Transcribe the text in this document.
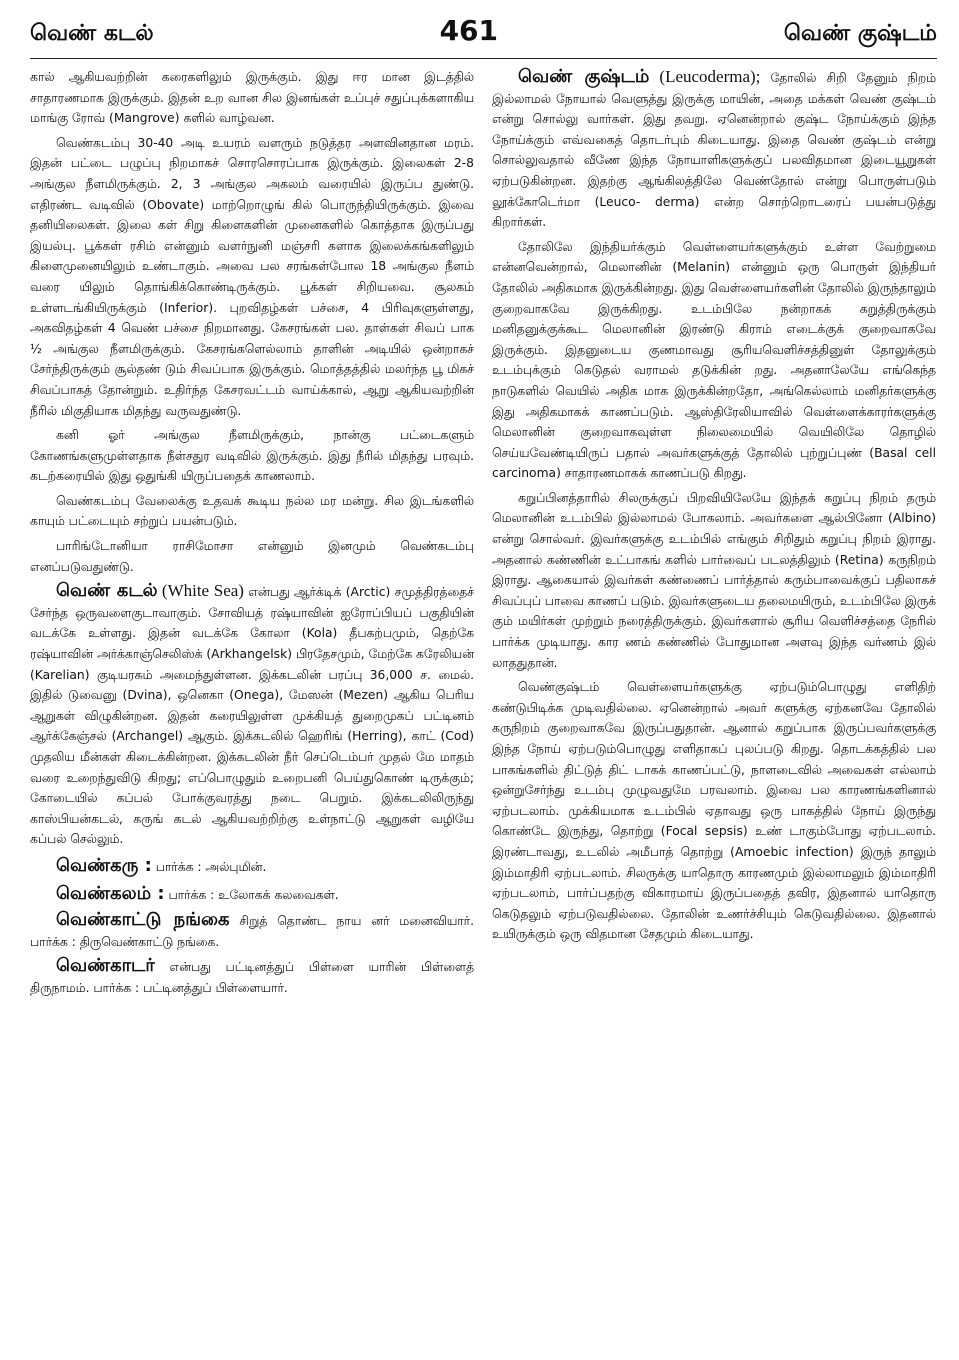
வெண் கடல்	461	வெண் குஷ்டம்

கால் ஆகியவற்றின் கரைகளிலும் இருக்கும். இது ஈர மான இடத்தில் சாதாரணமாக இருக்கும். இதன் உற வான சில இனங்கள் உப்புச் சதுப்புக்களாகிய மாங்கு ரோவ் (Mangrove) களில் வாழ்வன.

வெண்கடம்பு 30-40 அடி உயரம் வளரும் நடுத்தர அளவினதான மரம். இதன் பட்டை பழுப்பு நிறமாகச் சொரசொரப்பாக இருக்கும். இலைகள் 2-8 அங்குல நீளமிருக்கும். 2, 3 அங்குல அகலம் வரையில் இருப்ப துண்டு. எதிரண்ட வடிவில் (Obovate) மாற்றொழுங் கில் பொருந்தியிருக்கும். இவை தனியிலைகள். இலை கள் சிறு கிளைகளின் முனைகளில் கொத்தாக இருப்பது இயல்பு. பூக்கள் ரசிம் என்னும் வளர்நுனி மஞ்சரி களாக இலைக்கங்களிலும் கிளைமுனையிலும் உண்டாகும். அவை பல சரங்கள்போல 18 அங்குல நீளம் வரை யிலும் தொங்கிக்கொண்டிருக்கும். பூக்கள் சிறியவை. சூலகம் உள்ளடங்கியிருக்கும் (Inferior). புறவிதழ்கள் பச்சை, 4 பிரிவுகளுள்ளது, அகவிதழ்கள் 4 வெண் பச்சை நிறமானது. கேசரங்கள் பல. தாள்கள் சிவப் பாக ½ அங்குல நீளமிருக்கும். கேசரங்களெல்லாம் தாளின் அடியில் ஒன்றாகச் சேர்ந்திருக்கும் சூல்தண் டும் சிவப்பாக இருக்கும். மொத்தத்தில் மலர்ந்த பூ மிகச் சிவப்பாகத் தோன்றும். உதிர்ந்த கேசரவட்டம் வாய்க்கால், ஆறு ஆகியவற்றின் நீரில் மிகுதியாக மிதந்து வருவதுண்டு.

கனி ஓர் அங்குல நீளமிருக்கும், நான்கு பட்டைகளும் கோணங்களுமுள்ளதாக நீள்சதுர வடிவில் இருக்கும். இது நீரில் மிதந்து பரவும். கடற்கரையில் இது ஒதுங்கி யிருப்பதைக் காணலாம்.

வெண்கடம்பு வேலைக்கு உதவக் கூடிய நல்ல மர மன்று. சில இடங்களில் காயும் பட்டையும் சற்றுப் பயன்படும்.

பாரிங்டோனியா ராசிமோசா என்னும் இனமும் வெண்கடம்பு எனப்படுவதுண்டு.

வெண் கடல் (White Sea) என்பது ஆர்க்டிக் (Arctic) சமுத்திரத்தைச் சேர்ந்த ஒருவளைகுடாவாகும். சோவியத் ரஷ்யாவின் ஐரோப்பியப் பகுதியின் வடக்கே உள்ளது. இதன் வடக்கே கோலா (Kola) தீபகற்பமும், தெற்கே ரஷ்யாவின் அர்க்காஞ்செலிஸ்க் (Arkhangelsk) பிரதேசமும், மேற்கே கரேலியன் (Karelian) குடியரசும் அமைந்துள்ளன. இக்கடலின் பரப்பு 36,000 ச. மைல். இதில் டுவைனு (Dvina), ஒனெகா (Onega), மேஸன் (Mezen) ஆகிய பெரிய ஆறுகள் விழுகின்றன. இதன் கரையிலுள்ள முக்கியத் துறைமுகப் பட்டினம் ஆர்க்கேஞ்சல் (Archangel) ஆகும். இக்கடலில் ஹெரிங் (Herring), காட் (Cod) முதலிய மீன்கள் கிடைக்கின்றன. இக்கடலின் நீர் செப்டெம்பர் முதல் மே மாதம் வரை உறைந்துவிடு கிறது; எப்பொழுதும் உறைபனி பெய்துகொண் டிருக்கும்; கோடையில் கப்பல் போக்குவரத்து நடை பெறும். இக்கடலிலிருந்து காஸ்பியன்கடல், கருங் கடல் ஆகியவற்றிற்கு உள்நாட்டு ஆறுகள் வழியே கப்பல் செல்லும்.

வெண்கரு : பார்க்க : அல்புமின்.

வெண்கலம் : பார்க்க : உலோகக் கலவைகள்.

வெண்காட்டு நங்கை சிறுத் தொண்ட நாய னர் மனைவியார். பார்க்க : திருவெண்காட்டு நங்கை.

வெண்காடர் என்பது பட்டினத்துப் பிள்ளை யாரின் பிள்ளைத் திருநாமம். பார்க்க : பட்டினத்துப் பிள்ளையார்.

வெண் குஷ்டம் (Leucoderma); தோலில் சிறி தேனும் நிறம் இல்லாமல் நோயால் வெளுத்து இருக்கு மாயின், அதை மக்கள் வெண் குஷ்டம் என்று சொல்லு வார்கள். இது தவறு. ஏனென்றால் குஷ்ட நோய்க்கும் இந்த நோய்க்கும் எவ்வகைத் தொடர்பும் கிடையாது. இதை வெண் குஷ்டம் என்று சொல்லுவதால் வீணே இந்த நோயாளிகளுக்குப் பலவிதமான இடையூறுகள் ஏற்படுகின்றன. இதற்கு ஆங்கிலத்திலே வெண்தோல் என்று பொருள்படும் லூக்கோடெர்மா (Leuco- derma) என்ற சொற்றொடரைப் பயன்படுத்து கிறார்கள்.

தோலிலே இந்தியர்க்கும் வெள்ளையர்களுக்கும் உள்ள வேற்றுமை என்னவென்றால், மெலானின் (Melanin) என்னும் ஒரு பொருள் இந்தியர் தோலில் அதிகமாக இருக்கின்றது. இது வெள்ளையர்களின் தோலில் இருந்தாலும் குறைவாகவே இருக்கிறது. உடம்பிலே நன்றாகக் கறுத்திருக்கும் மனிதனுக்குக்கூட மெலானின் இரண்டு கிராம் எடைக்குக் குறைவாகவே இருக்கும். இதனுடைய குணமாவது சூரியவெளிச்சத்தினுள் தோலுக்கும் உடம்புக்கும் கெடுதல் வராமல் தடுக்கின் றது. அதனாலேயே எங்கெந்த நாடுகளில் வெயில் அதிக மாக இருக்கின்றதோ, அங்கெல்லாம் மனிதர்களுக்கு இது அதிகமாகக் காணப்படும். ஆஸ்திரேலியாவில் வெள்ளைக்காரர்களுக்கு மெலானின் குறைவாகவுள்ள நிலைமையில் வெயிலிலே தொழில் செய்யவேண்டியிருப் பதால் அவர்களுக்குத் தோலில் புற்றுப்புண் (Basal cell carcinoma) சாதாரணமாகக் காணப்படு கிறது.

கறுப்பினத்தாரில் சிலருக்குப் பிறவியிலேயே இந்தக் கறுப்பு நிறம் தரும் மெலானின் உடம்பில் இல்லாமல் போகலாம். அவர்களை ஆல்பினோ (Albino) என்று சொல்வர். இவர்களுக்கு உடம்பில் எங்கும் சிறிதும் கறுப்பு நிறம் இராது. அதனால் கண்ணின் உட்பாகங் களில் பார்வைப் படலத்திலும் (Retina) கருநிறம் இராது. ஆகையால் இவர்கள் கண்ணைப் பார்த்தால் கரும்பாவைக்குப் பதிலாகச் சிவப்புப் பாவை காணப் படும். இவர்களுடைய தலைமயிரும், உடம்பிலே இருக் கும் மயிர்கள் முற்றும் நரைத்திருக்கும். இவர்களால் சூரிய வெளிச்சத்தை நேரில் பார்க்க முடியாது. கார ணம் கண்ணில் போதுமான அளவு இந்த வர்ணம் இல் லாததுதான்.

வெண்குஷ்டம் வெள்ளையர்களுக்கு ஏற்படும்பொழுது எளிதிற் கண்டுபிடிக்க முடிவதில்லை. ஏனென்றால் அவர் களுக்கு ஏற்கனவே தோலில் கருநிறம் குறைவாகவே இருப்பதுதான். ஆனால் கறுப்பாக இருப்பவர்களுக்கு இந்த நோய் ஏற்படும்பொழுது எளிதாகப் புலப்படு கிறது. தொடக்கத்தில் பல பாகங்களில் திட்டுத் திட் டாகக் காணப்பட்டு, நாளடைவில் அவைகள் எல்லாம் ஒன்றுசேர்ந்து உடம்பு முழுவதுமே பரவலாம். இவை பல காரணங்களினால் ஏற்படலாம். முக்கியமாக உடம்பில் ஏதாவது ஒரு பாகத்தில் நோய் இருந்து கொண்டே இருந்து, தொற்று (Focal sepsis) உண் டாகும்போது ஏற்படலாம். இரண்டாவது, உடலில் அமீபாத் தொற்று (Amoebic infection) இருந் தாலும் இம்மாதிரி ஏற்படலாம். சிலருக்கு யாதொரு காரணமும் இல்லாமலும் இம்மாதிரி ஏற்படலாம், பார்ப்பதற்கு விகாரமாய் இருப்பதைத் தவிர, இதனால் யாதொரு கெடுதலும் ஏற்படுவதில்லை. தோலின் உணர்ச்சியும் கெடுவதில்லை. இதனால் உயிருக்கும் ஒரு விதமான சேதமும் கிடையாது.
